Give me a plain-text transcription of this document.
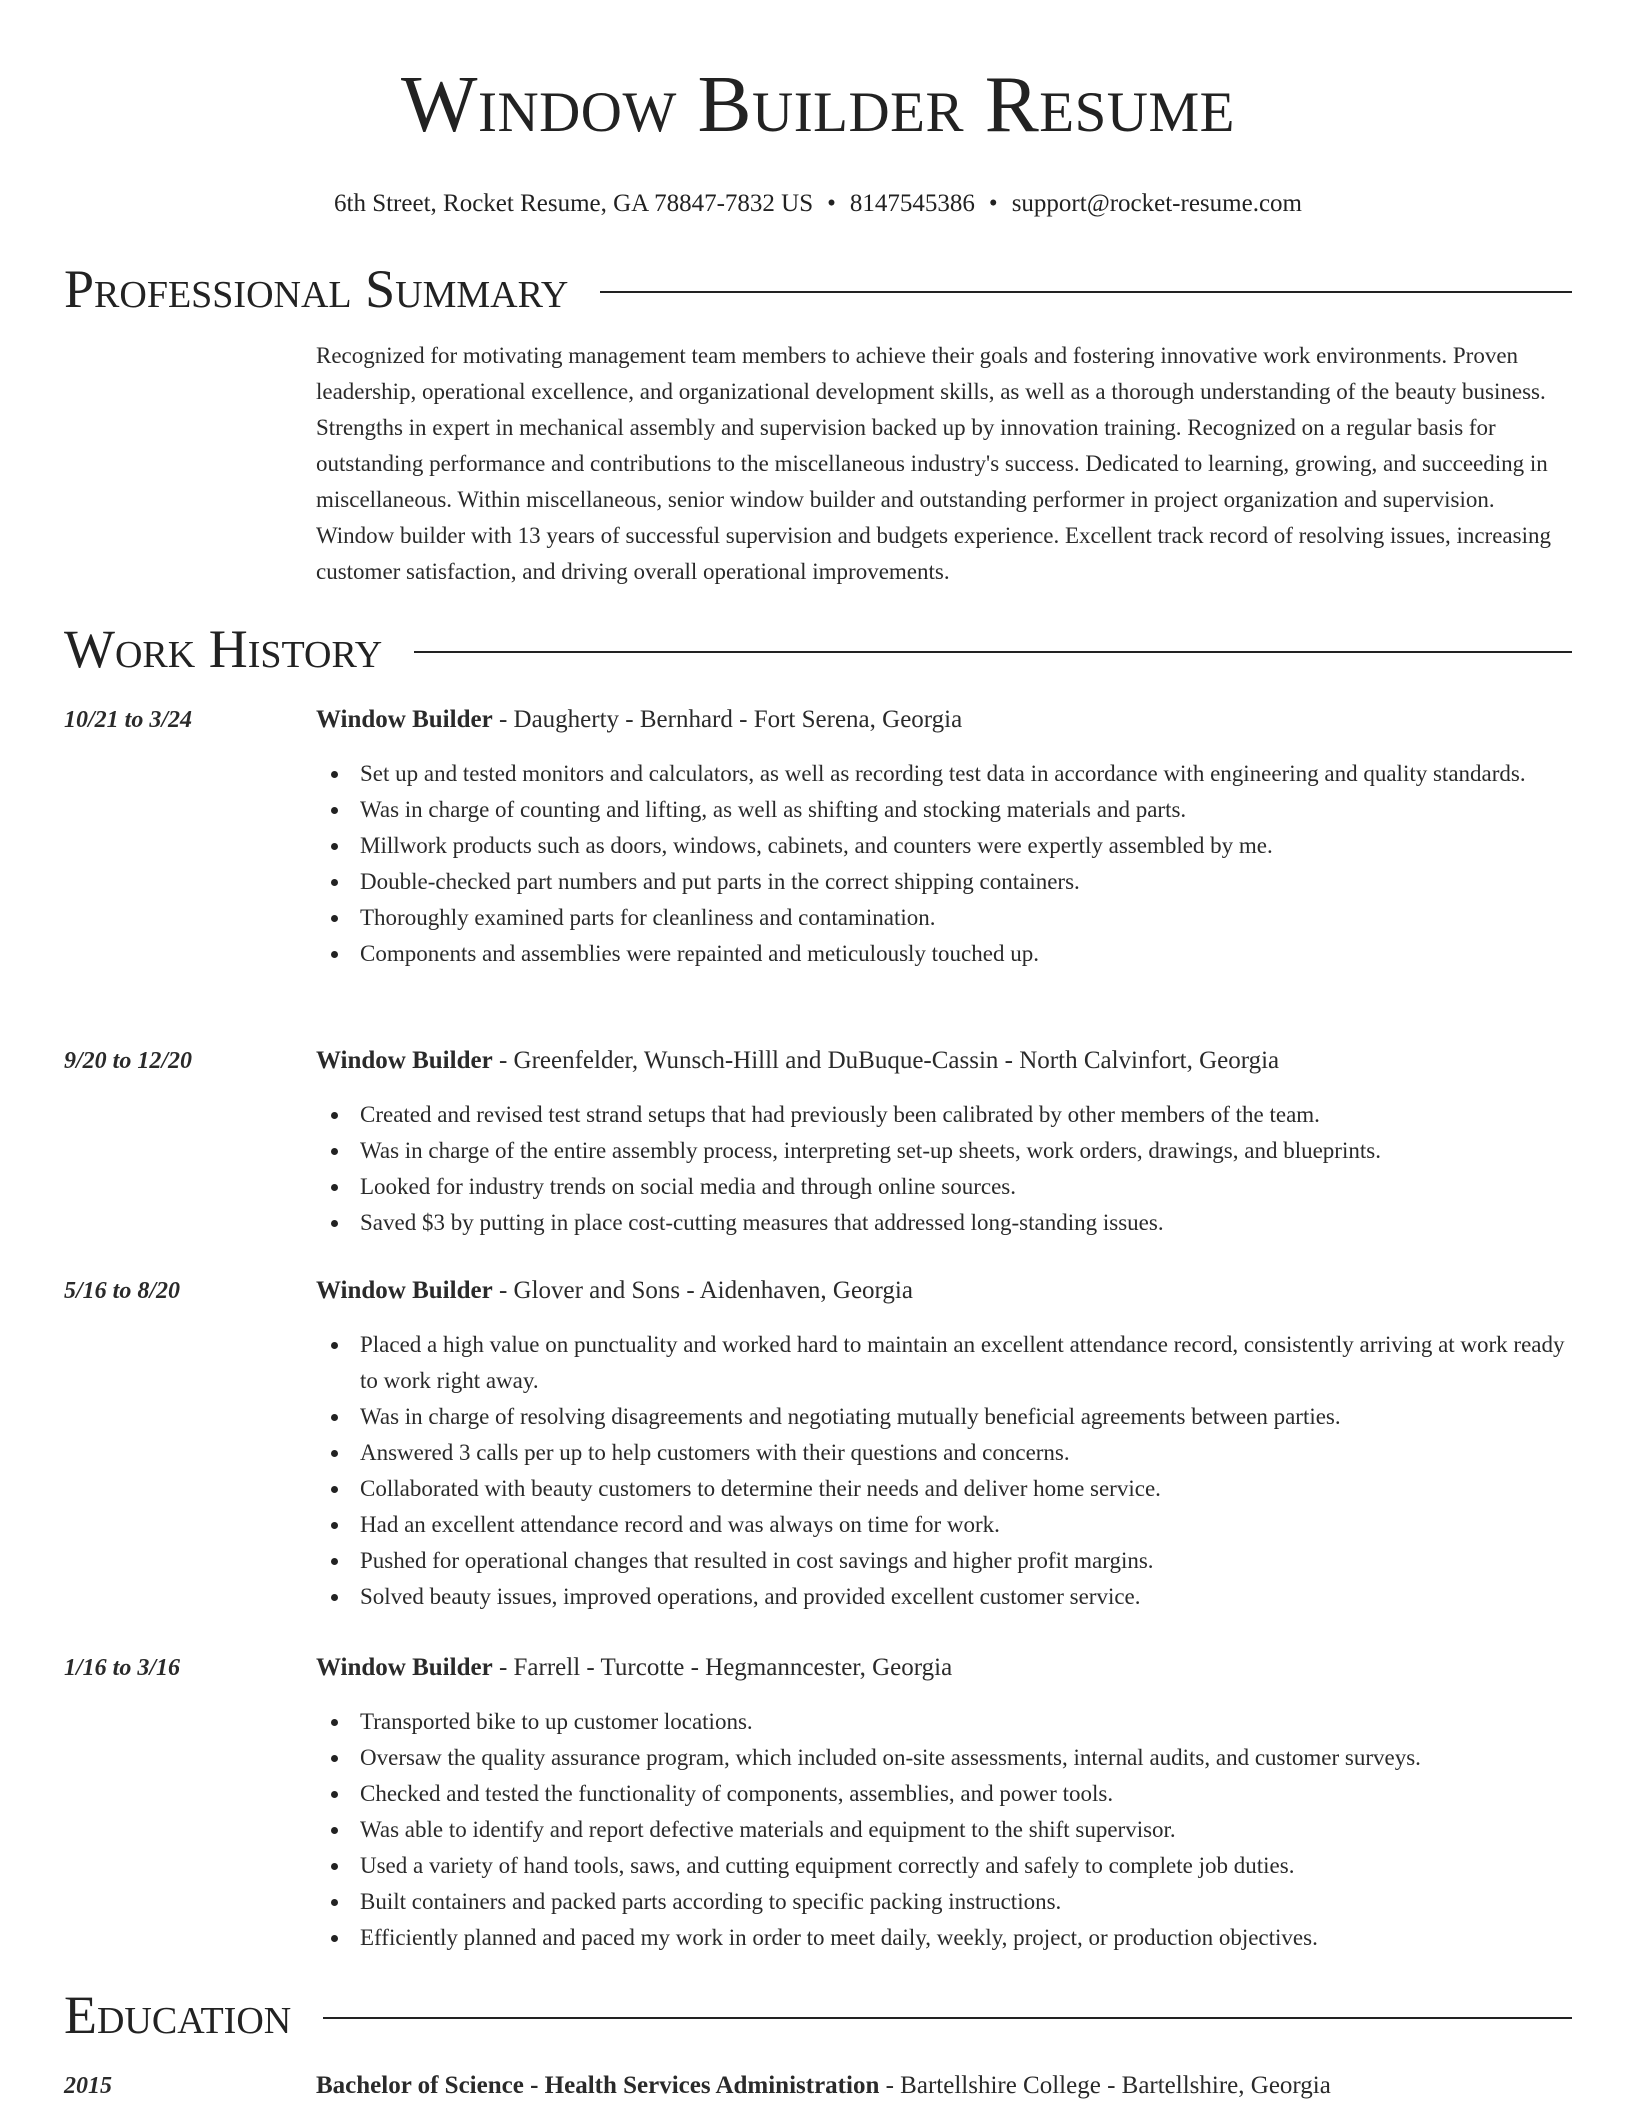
Window Builder Resume
6th Street, Rocket Resume, GA 78847-7832 US • 8147545386 • support@rocket-resume.com
Professional Summary
Recognized for motivating management team members to achieve their goals and fostering innovative work environments. Proven leadership, operational excellence, and organizational development skills, as well as a thorough understanding of the beauty business. Strengths in expert in mechanical assembly and supervision backed up by innovation training. Recognized on a regular basis for outstanding performance and contributions to the miscellaneous industry's success. Dedicated to learning, growing, and succeeding in miscellaneous. Within miscellaneous, senior window builder and outstanding performer in project organization and supervision. Window builder with 13 years of successful supervision and budgets experience. Excellent track record of resolving issues, increasing customer satisfaction, and driving overall operational improvements.
Work History
10/21 to 3/24	Window Builder - Daugherty - Bernhard - Fort Serena, Georgia
Set up and tested monitors and calculators, as well as recording test data in accordance with engineering and quality standards.
Was in charge of counting and lifting, as well as shifting and stocking materials and parts.
Millwork products such as doors, windows, cabinets, and counters were expertly assembled by me.
Double-checked part numbers and put parts in the correct shipping containers.
Thoroughly examined parts for cleanliness and contamination.
Components and assemblies were repainted and meticulously touched up.
9/20 to 12/20	Window Builder - Greenfelder, Wunsch-Hilll and DuBuque-Cassin - North Calvinfort, Georgia
Created and revised test strand setups that had previously been calibrated by other members of the team.
Was in charge of the entire assembly process, interpreting set-up sheets, work orders, drawings, and blueprints.
Looked for industry trends on social media and through online sources.
Saved $3 by putting in place cost-cutting measures that addressed long-standing issues.
5/16 to 8/20	Window Builder - Glover and Sons - Aidenhaven, Georgia
Placed a high value on punctuality and worked hard to maintain an excellent attendance record, consistently arriving at work ready to work right away.
Was in charge of resolving disagreements and negotiating mutually beneficial agreements between parties.
Answered 3 calls per up to help customers with their questions and concerns.
Collaborated with beauty customers to determine their needs and deliver home service.
Had an excellent attendance record and was always on time for work.
Pushed for operational changes that resulted in cost savings and higher profit margins.
Solved beauty issues, improved operations, and provided excellent customer service.
1/16 to 3/16	Window Builder - Farrell - Turcotte - Hegmanncester, Georgia
Transported bike to up customer locations.
Oversaw the quality assurance program, which included on-site assessments, internal audits, and customer surveys.
Checked and tested the functionality of components, assemblies, and power tools.
Was able to identify and report defective materials and equipment to the shift supervisor.
Used a variety of hand tools, saws, and cutting equipment correctly and safely to complete job duties.
Built containers and packed parts according to specific packing instructions.
Efficiently planned and paced my work in order to meet daily, weekly, project, or production objectives.
Education
2015	Bachelor of Science - Health Services Administration - Bartellshire College - Bartellshire, Georgia
